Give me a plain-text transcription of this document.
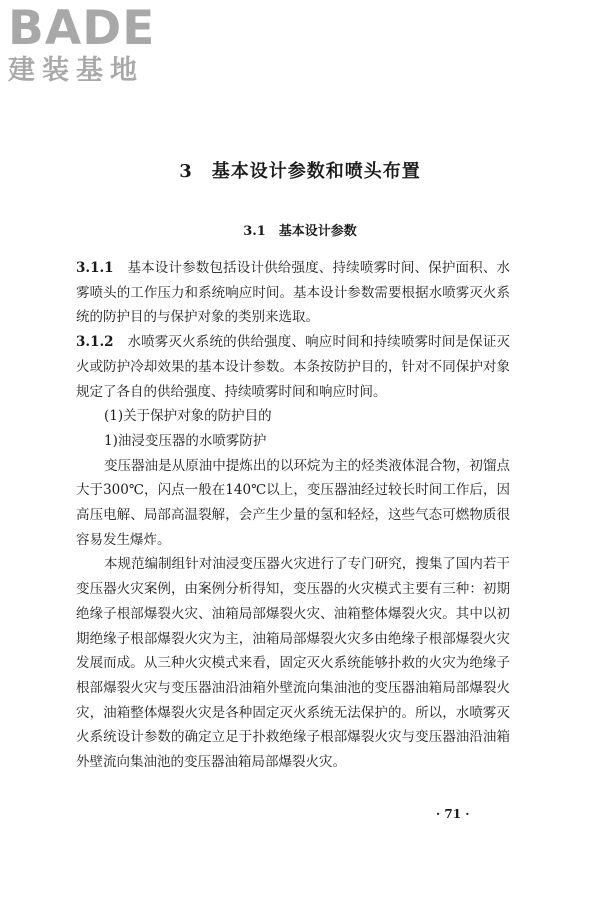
BADE
建装基地
3　基本设计参数和喷头布置
3.1　基本设计参数

3.1.1　 基本设计参数包括设计供给强度、持续喷雾时间、保护面积、水雾喷头的工作压力和系统响应时间。基本设计参数需要根据水喷雾灭火系统的防护目的与保护对象的类别来选取。

3.1.2　 水喷雾灭火系统的供给强度、响应时间和持续喷雾时间是保证灭火或防护冷却效果的基本设计参数。本条按防护目的，针对不同保护对象规定了各自的供给强度、持续喷雾时间和响应时间。

(1)关于保护对象的防护目的

1)油浸变压器的水喷雾防护

变压器油是从原油中提炼出的以环烷为主的烃类液体混合物，初馏点大于300℃，闪点一般在140℃以上，变压器油经过较长时间工作后，因高压电解、局部高温裂解，会产生少量的氢和轻烃，这些气态可燃物质很容易发生爆炸。

本规范编制组针对油浸变压器火灾进行了专门研究，搜集了国内若干变压器火灾案例，由案例分析得知，变压器的火灾模式主要有三种：初期绝缘子根部爆裂火灾、油箱局部爆裂火灾、油箱整体爆裂火灾。其中以初期绝缘子根部爆裂火灾为主，油箱局部爆裂火灾多由绝缘子根部爆裂火灾发展而成。从三种火灾模式来看，固定灭火系统能够扑救的火灾为绝缘子根部爆裂火灾与变压器油沿油箱外壁流向集油池的变压器油箱局部爆裂火灾，油箱整体爆裂火灾是各种固定灭火系统无法保护的。所以，水喷雾灭火系统设计参数的确定立足于扑救绝缘子根部爆裂火灾与变压器油沿油箱外壁流向集油池的变压器油箱局部爆裂火灾。

· 71 ·
